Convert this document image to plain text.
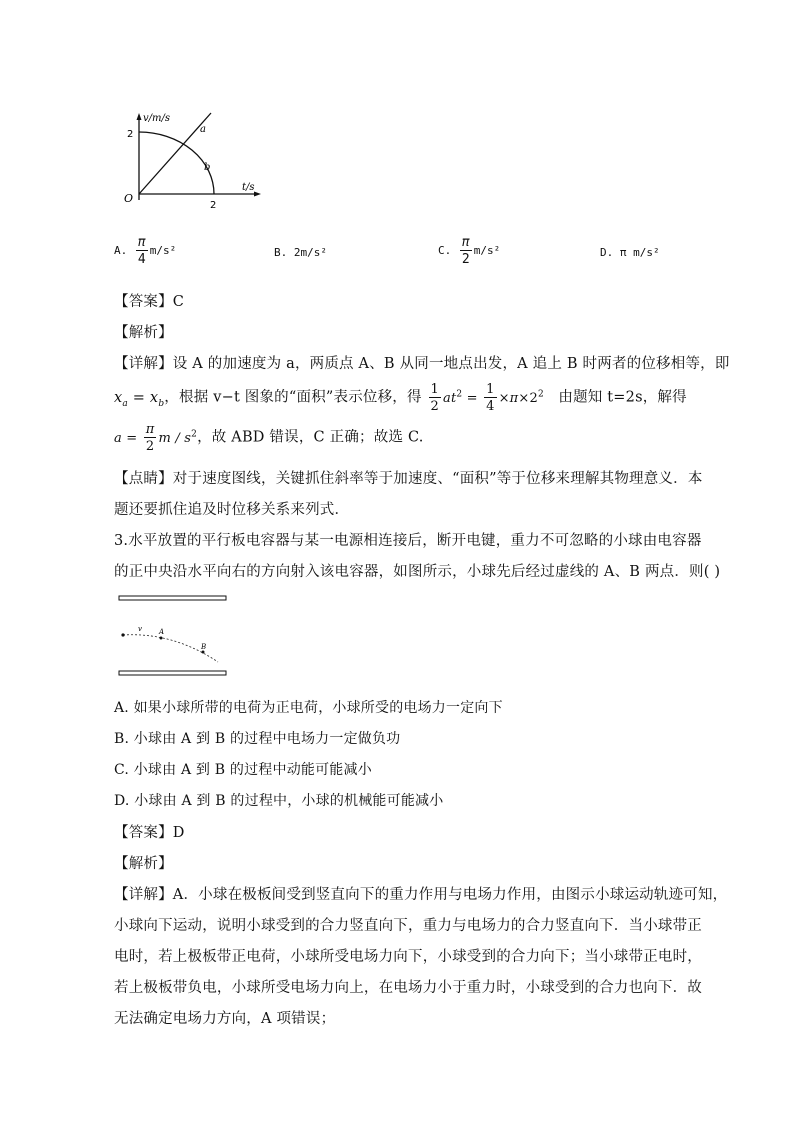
v/m/s
2
O
2
t/s
a
b
A. $\frac{\pi}{4} m/s^2$	B. 2m/s²	C. $\frac{\pi}{2} m/s^2$	D. π m/s²
【答案】C
【解析】
【详解】设 A 的加速度为 a，两质点 A、B 从同一地点出发，A 追上 B 时两者的位移相等，即
$x_a = x_b$，根据 v−t 图象的“面积”表示位移，得 $\frac{1}{2} at^2 = \frac{1}{4} \times\pi\times 2^2$ 由题知 t=2s，解得
$a = \frac{\pi}{2}$ m / $s^2$，故 ABD 错误，C 正确；故选 C.
【点睛】对于速度图线，关键抓住斜率等于加速度、“面积”等于位移来理解其物理意义．本
题还要抓住追及时位移关系来列式．
3.水平放置的平行板电容器与某一电源相连接后，断开电键，重力不可忽略的小球由电容器
的正中央沿水平向右的方向射入该电容器，如图所示，小球先后经过虚线的 A、B 两点．则( )
v A
B
A. 如果小球所带的电荷为正电荷，小球所受的电场力一定向下
B. 小球由 A 到 B 的过程中电场力一定做负功
C. 小球由 A 到 B 的过程中动能可能减小
D. 小球由 A 到 B 的过程中，小球的机械能可能减小
【答案】D
【解析】
【详解】A．小球在极板间受到竖直向下的重力作用与电场力作用，由图示小球运动轨迹可知，
小球向下运动，说明小球受到的合力竖直向下，重力与电场力的合力竖直向下．当小球带正
电时，若上极板带正电荷，小球所受电场力向下，小球受到的合力向下；当小球带正电时，
若上极板带负电，小球所受电场力向上，在电场力小于重力时，小球受到的合力也向下．故
无法确定电场力方向，A 项错误；
